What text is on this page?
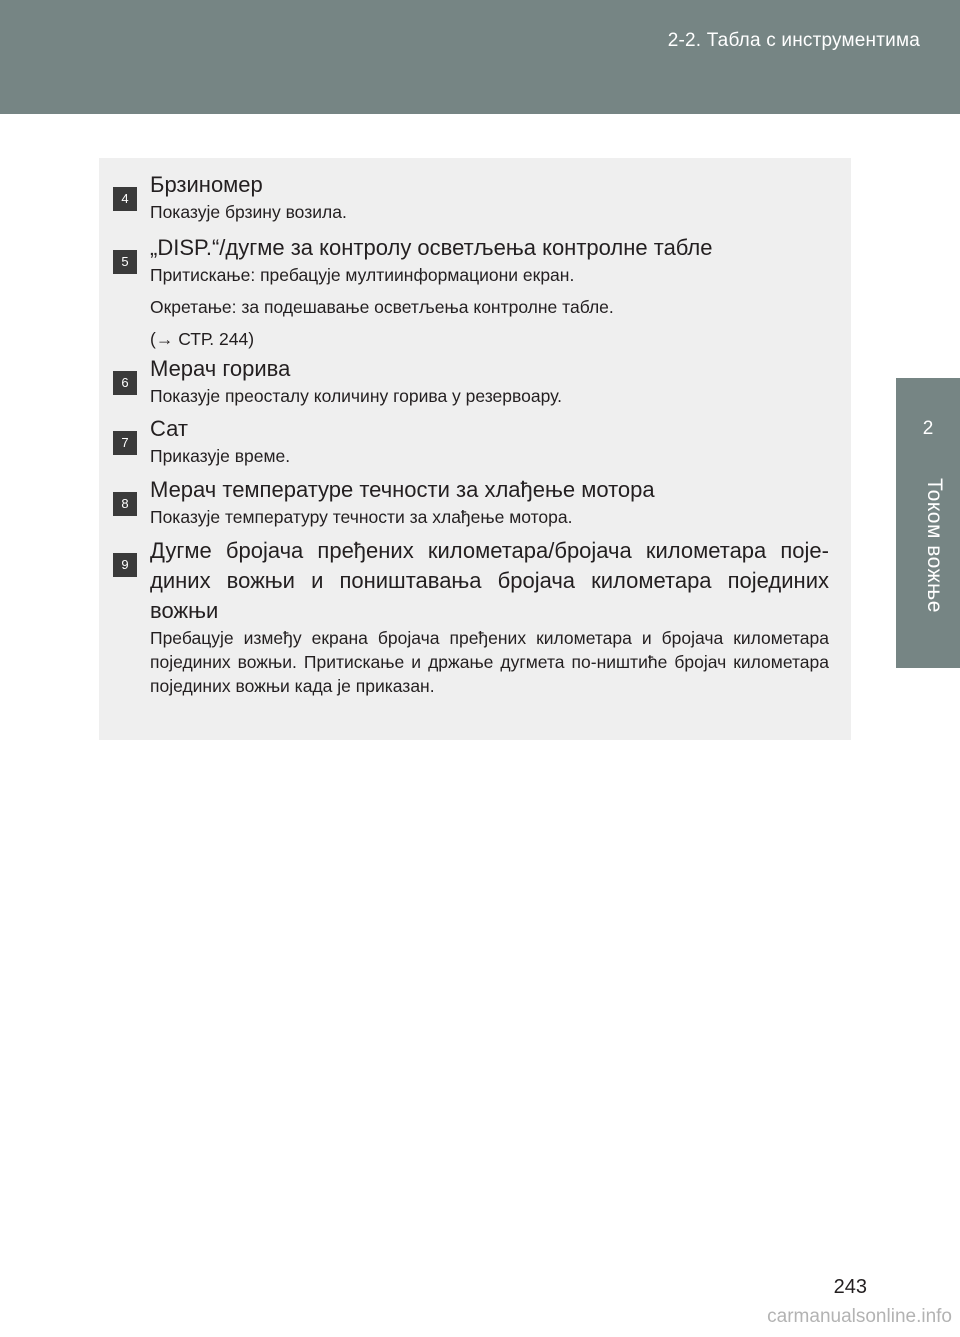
2-2. Табла с инструментима
2
Током вожње
4
Брзиномер
Показује брзину возила.
5
„DISP.“/дугме за контролу осветљења контролне табле
Притискање: пребацује мултиинформациони екран.
Окретање: за подешавање осветљења контролне табле.
(→ СТР. 244)
6
Мерач горива
Показује преосталу количину горива у резервоару.
7
Сат
Приказује време.
8
Мерач температуре течности за хлађење мотора
Показује температуру течности за хлађење мотора.
9
Дугме бројача пређених километара/бројача километара поје-диних вожњи и поништавања бројача километара појединих вожњи
Пребацује између екрана бројача пређених километара и бројача километара појединих вожњи. Притискање и држање дугмета по-ништиће бројач километара појединих вожњи када је приказан.
243
carmanualsonline.info
